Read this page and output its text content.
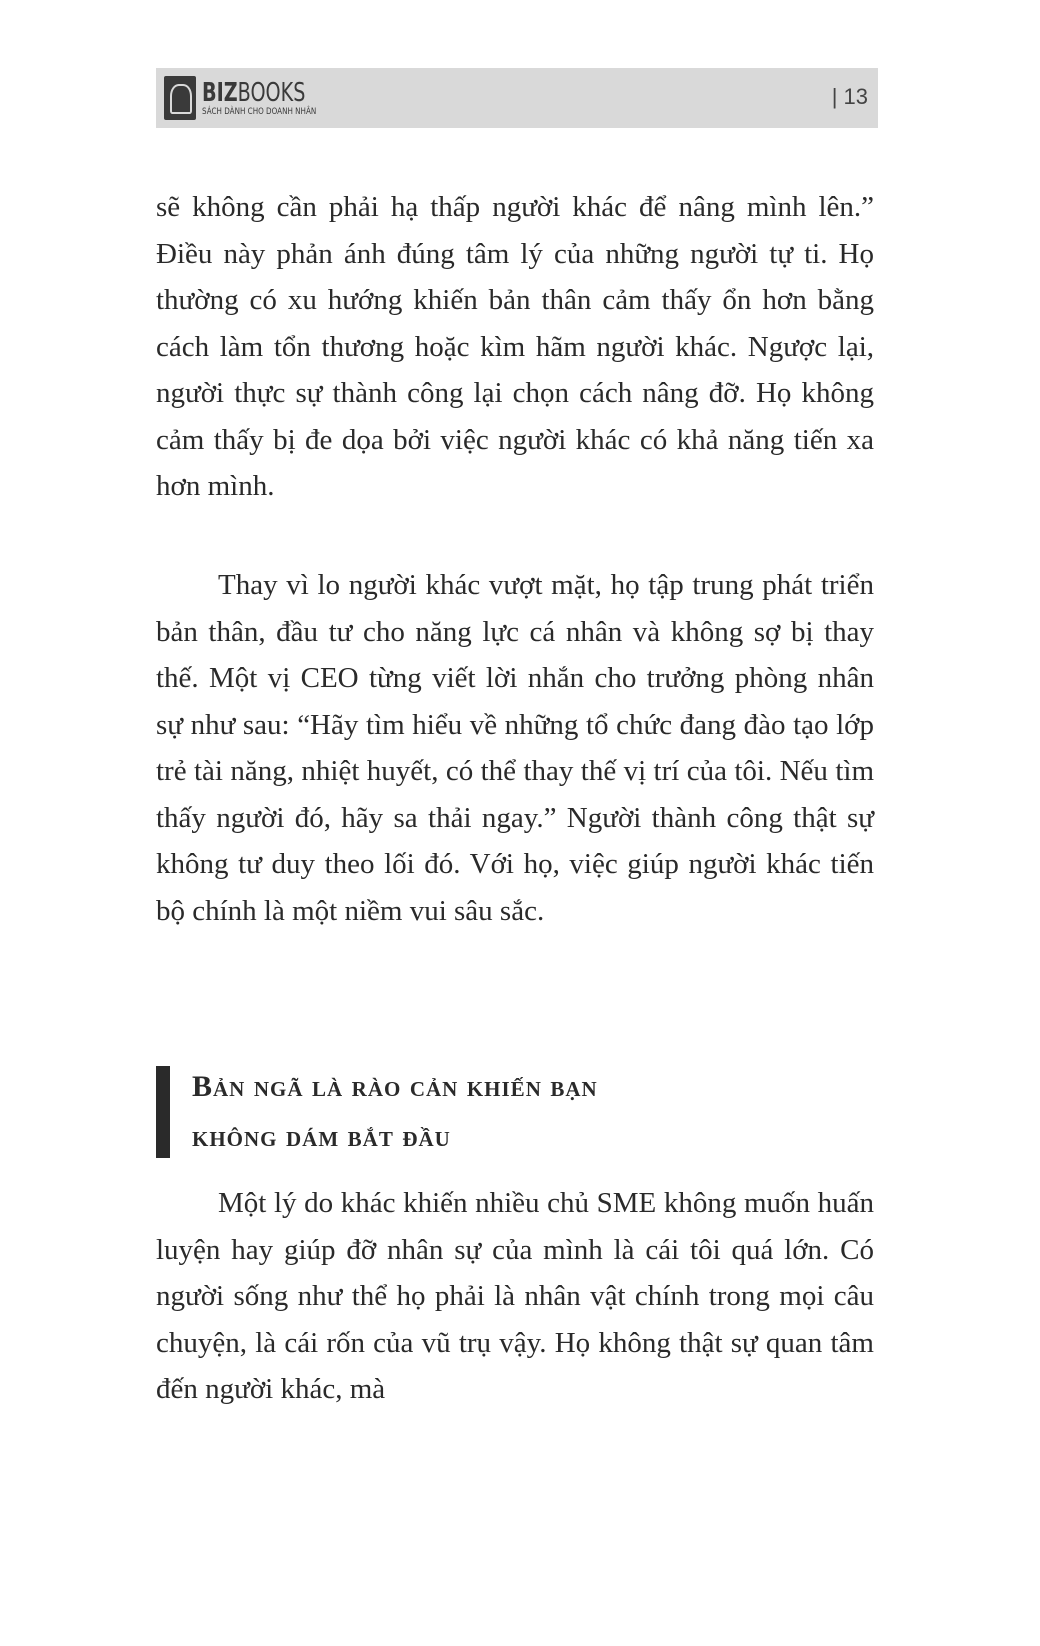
BIZBOOKS
SÁCH DÀNH CHO DOANH NHÂN
| 13

sẽ không cần phải hạ thấp người khác để nâng mình lên.” Điều này phản ánh đúng tâm lý của những người tự ti. Họ thường có xu hướng khiến bản thân cảm thấy ổn hơn bằng cách làm tổn thương hoặc kìm hãm người khác. Ngược lại, người thực sự thành công lại chọn cách nâng đỡ. Họ không cảm thấy bị đe dọa bởi việc người khác có khả năng tiến xa hơn mình.

Thay vì lo người khác vượt mặt, họ tập trung phát triển bản thân, đầu tư cho năng lực cá nhân và không sợ bị thay thế. Một vị CEO từng viết lời nhắn cho trưởng phòng nhân sự như sau: “Hãy tìm hiểu về những tổ chức đang đào tạo lớp trẻ tài năng, nhiệt huyết, có thể thay thế vị trí của tôi. Nếu tìm thấy người đó, hãy sa thải ngay.” Người thành công thật sự không tư duy theo lối đó. Với họ, việc giúp người khác tiến bộ chính là một niềm vui sâu sắc.

Bản ngã là rào cản khiến bạn
không dám bắt đầu

Một lý do khác khiến nhiều chủ SME không muốn huấn luyện hay giúp đỡ nhân sự của mình là cái tôi quá lớn. Có người sống như thể họ phải là nhân vật chính trong mọi câu chuyện, là cái rốn của vũ trụ vậy. Họ không thật sự quan tâm đến người khác, mà
